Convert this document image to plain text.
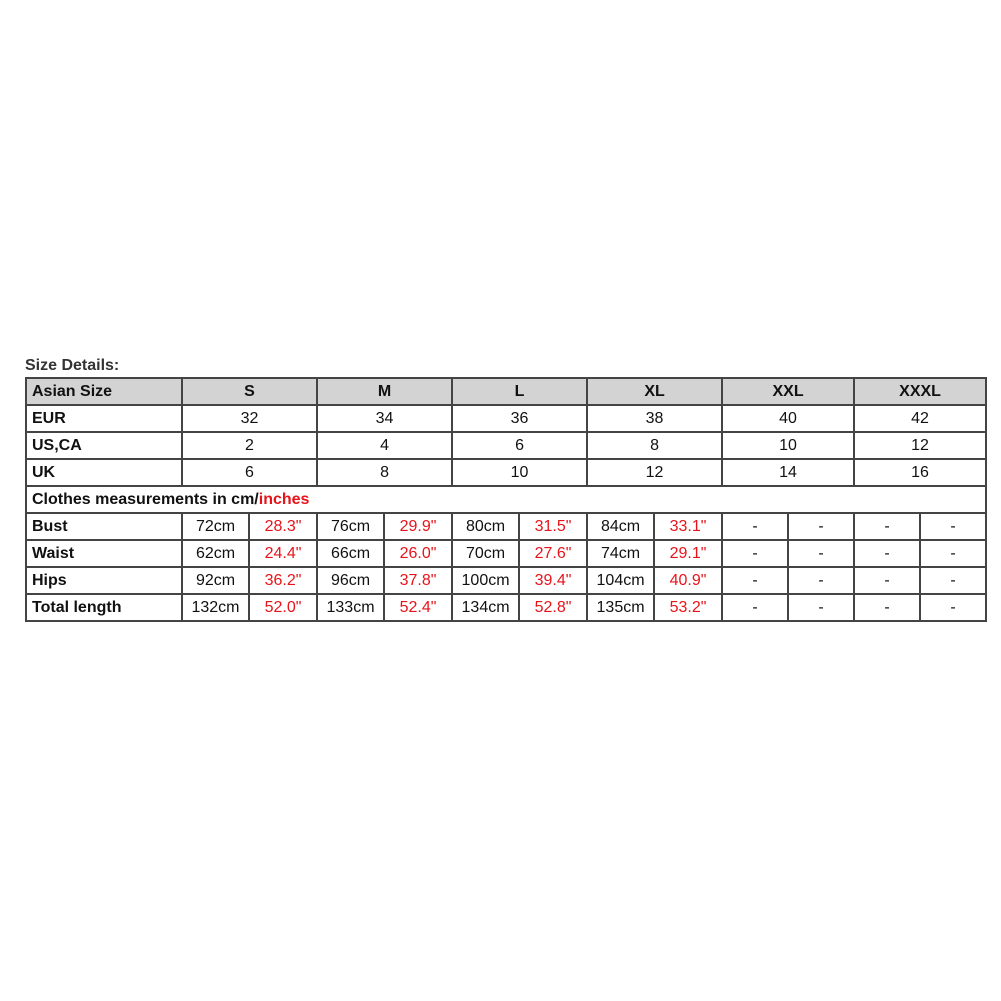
Size Details:
Asian Size	S		M		L		XL		XXL		XXXL	
EUR	32		34		36		38		40		42	
US,CA	2		4		6		8		10		12	
UK	6		8		10		12		14		16	
Clothes measurements in cm/inches												
Bust	72cm	28.3"	76cm	29.9"	80cm	31.5"	84cm	33.1"	-	-	-	-
Waist	62cm	24.4"	66cm	26.0"	70cm	27.6"	74cm	29.1"	-	-	-	-
Hips	92cm	36.2"	96cm	37.8"	100cm	39.4"	104cm	40.9"	-	-	-	-
Total length	132cm	52.0"	133cm	52.4"	134cm	52.8"	135cm	53.2"	-	-	-	-
